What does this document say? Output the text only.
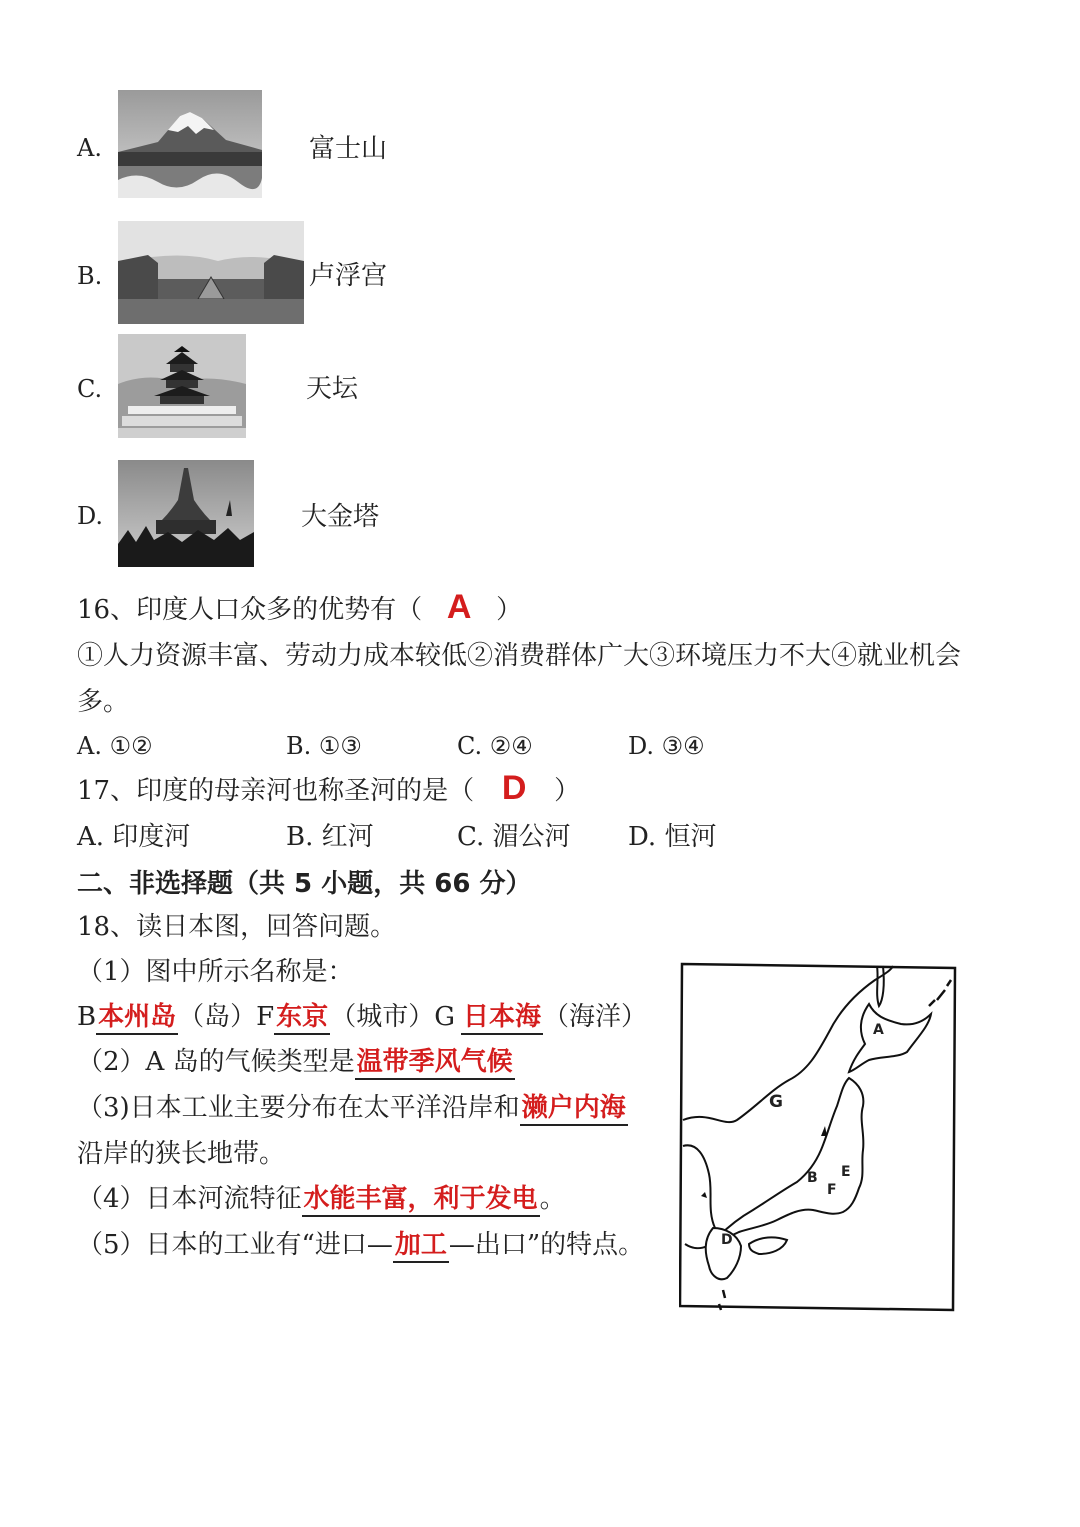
A.	富士山
B.	卢浮宫
C.	天坛
D.	大金塔
16、印度人口众多的优势有（ A ）
①人力资源丰富、劳动力成本较低②消费群体广大③环境压力不大④就业机会
多。
A. ①②	B. ①③	C. ②④	D. ③④
17、印度的母亲河也称圣河的是（ D ）
A. 印度河	B. 红河	C. 湄公河 D. 恒河
二、非选择题（共 5 小题，共 66 分）
18、读日本图，回答问题。
（1）图中所示名称是：
B本州岛（岛）F东京（城市）G 日本海（海洋）
（2）A 岛的气候类型是温带季风气候
（3)日本工业主要分布在太平洋沿岸和濑户内海
沿岸的狭长地带。
（4）日本河流特征水能丰富，利于发电。
（5）日本的工业有“进口—加工—出口”的特点。
A
B
D
E
F
G
